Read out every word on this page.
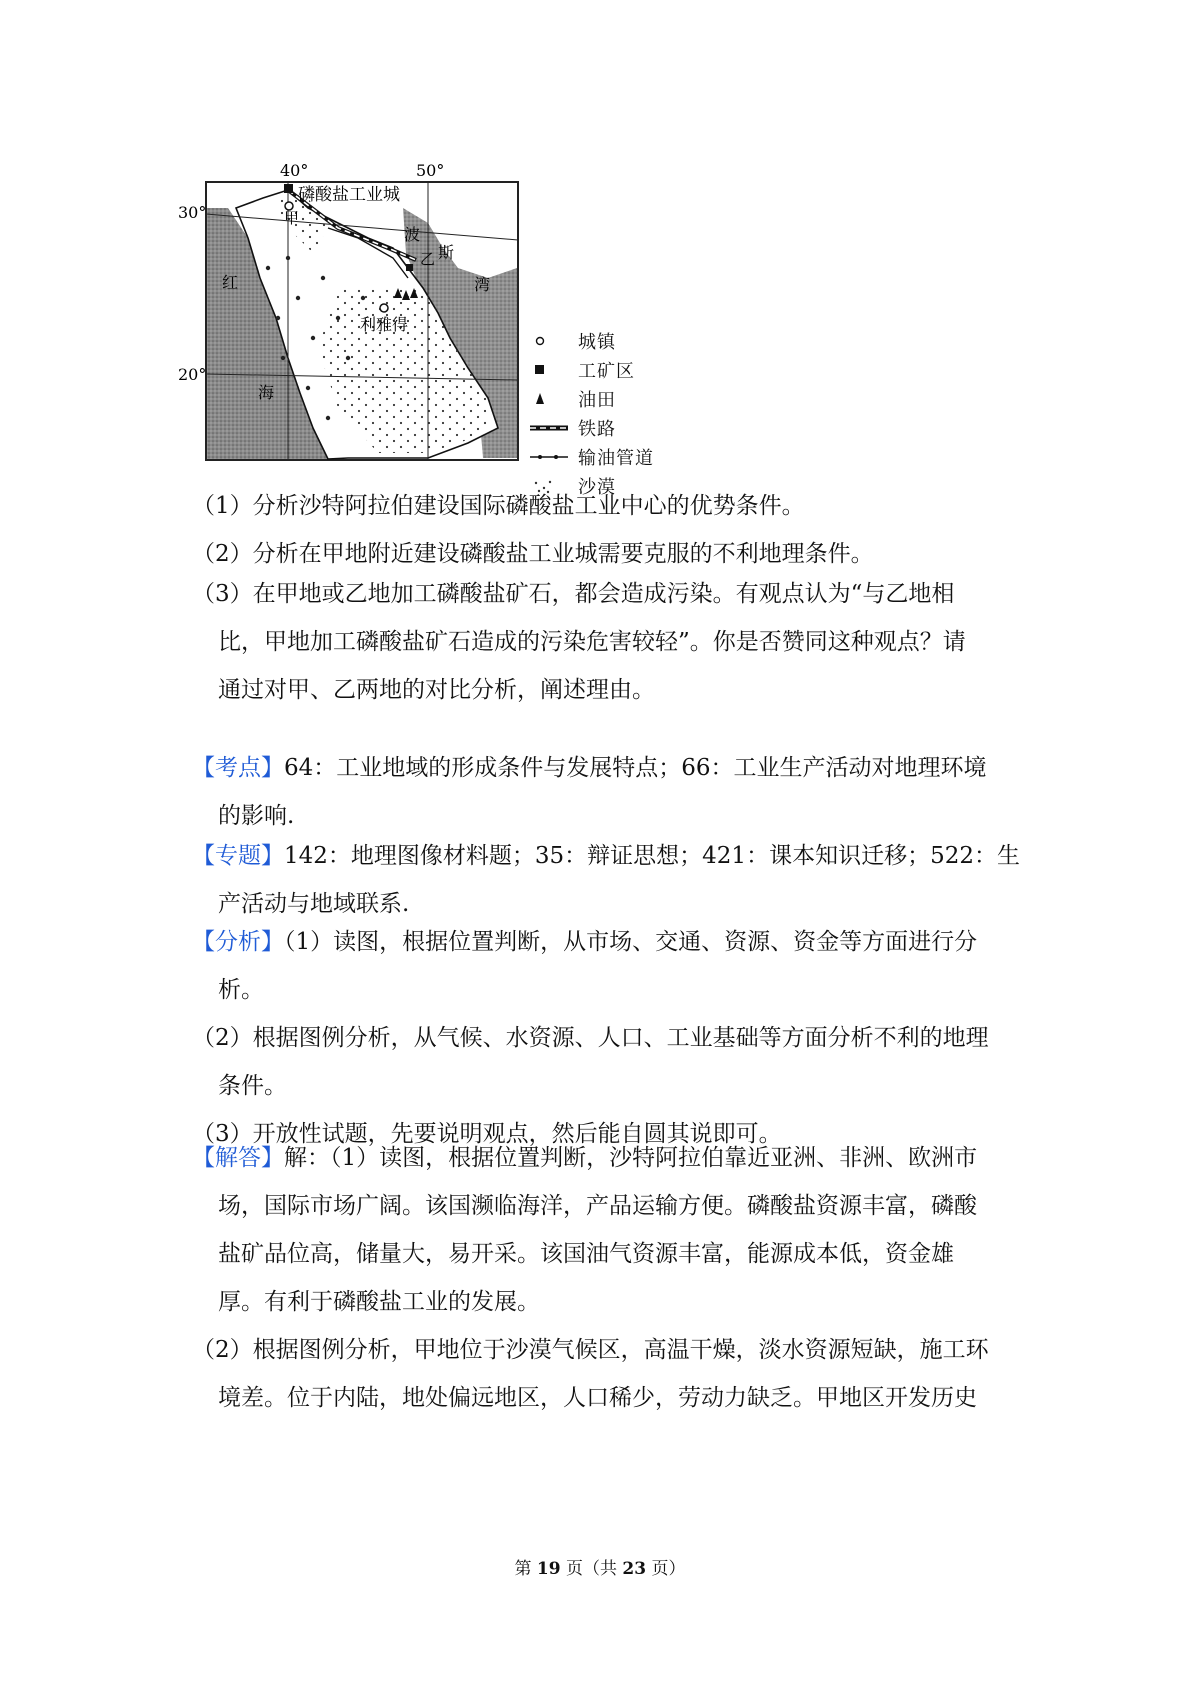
40°	50°
30°
20°
磷酸盐工业城
甲
乙
波
斯
湾
红
海
利雅得
城镇
工矿区
油田
铁路
输油管道
沙漠
（1）分析沙特阿拉伯建设国际磷酸盐工业中心的优势条件。
（2）分析在甲地附近建设磷酸盐工业城需要克服的不利地理条件。
（3）在甲地或乙地加工磷酸盐矿石，都会造成污染。有观点认为“与乙地相
比，甲地加工磷酸盐矿石造成的污染危害较轻”。你是否赞同这种观点？请
通过对甲、乙两地的对比分析，阐述理由。
【考点】64：工业地域的形成条件与发展特点；66：工业生产活动对地理环境
的影响.
【专题】142：地理图像材料题；35：辩证思想；421：课本知识迁移；522：生
产活动与地域联系.
【分析】（1）读图，根据位置判断，从市场、交通、资源、资金等方面进行分
析。
（2）根据图例分析，从气候、水资源、人口、工业基础等方面分析不利的地理
条件。
（3）开放性试题，先要说明观点，然后能自圆其说即可。
【解答】解：（1）读图，根据位置判断，沙特阿拉伯靠近亚洲、非洲、欧洲市
场，国际市场广阔。该国濒临海洋，产品运输方便。磷酸盐资源丰富，磷酸
盐矿品位高，储量大，易开采。该国油气资源丰富，能源成本低，资金雄
厚。有利于磷酸盐工业的发展。
（2）根据图例分析，甲地位于沙漠气候区，高温干燥，淡水资源短缺，施工环
境差。位于内陆，地处偏远地区，人口稀少，劳动力缺乏。甲地区开发历史
第 19 页（共 23 页）
